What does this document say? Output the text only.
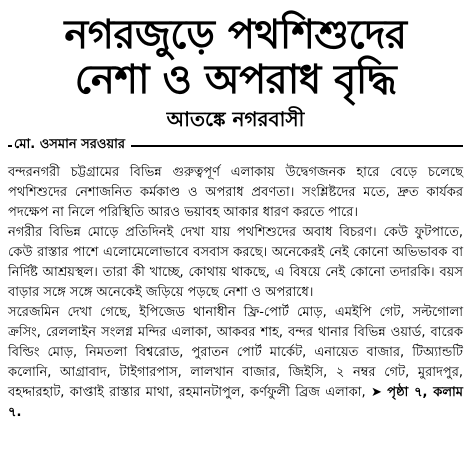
নগরজুড়ে পথশিশুদের
নেশা ও অপরাধ বৃদ্ধি
আতঙ্কে নগরবাসী
মো. ওসমান সরওয়ার

বন্দরনগরী চট্টগ্রামের বিভিন্ন গুরুত্বপূর্ণ এলাকায় উদ্বেগজনক হারে বেড়ে চলেছে পথশিশুদের নেশাজনিত কর্মকাণ্ড ও অপরাধ প্রবণতা। সংশ্লিষ্টদের মতে, দ্রুত কার্যকর পদক্ষেপ না নিলে পরিস্থিতি আরও ভয়াবহ আকার ধারণ করতে পারে।

নগরীর বিভিন্ন মোড়ে প্রতিদিনই দেখা যায় পথশিশুদের অবাধ বিচরণ। কেউ ফুটপাতে, কেউ রাস্তার পাশে এলোমেলোভাবে বসবাস করছে। অনেকেরই নেই কোনো অভিভাবক বা নির্দিষ্ট আশ্রয়স্থল। তারা কী খাচ্ছে, কোথায় থাকছে, এ বিষয়ে নেই কোনো তদারকি। বয়স বাড়ার সঙ্গে সঙ্গে অনেকেই জড়িয়ে পড়ছে নেশা ও অপরাধে।

সরেজমিন দেখা গেছে, ইপিজেড থানাধীন ফ্রি-পোর্ট মোড়, এমইপি গেট, সল্টগোলা ক্রসিং, রেললাইন সংলগ্ন মন্দির এলাকা, আকবর শাহ, বন্দর থানার বিভিন্ন ওয়ার্ড, বারেক বিল্ডিং মোড়, নিমতলা বিশ্বরোড, পুরাতন পোর্ট মার্কেট, এনায়েত বাজার, টিঅ্যান্ডটি কলোনি, আগ্রাবাদ, টাইগারপাস, লালখান বাজার, জিইসি, ২ নম্বর গেট, মুরাদপুর, বহদ্দারহাট, কাপ্তাই রাস্তার মাথা, রহমানটাপুল, কর্ণফুলী ব্রিজ এলাকা, ➤ পৃষ্ঠা ৭, কলাম ৭.
